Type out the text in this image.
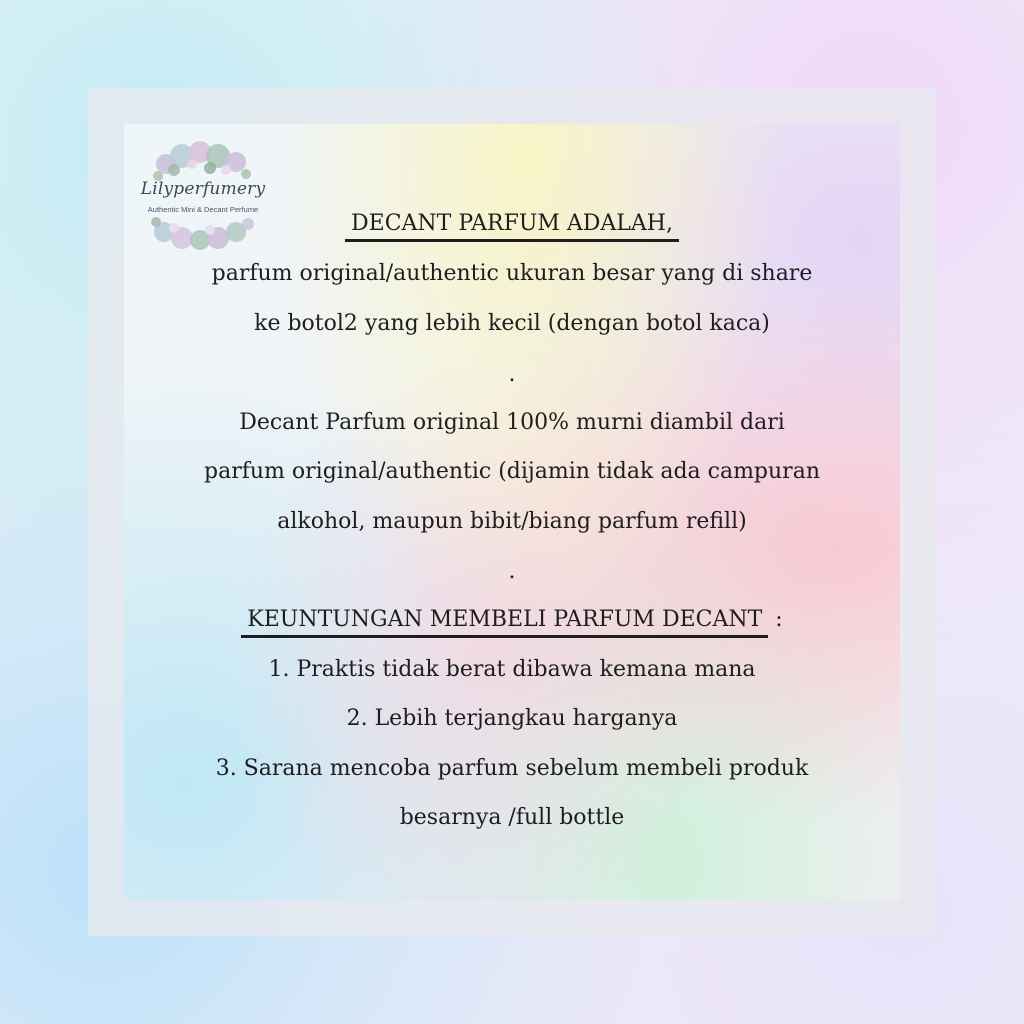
Lilyperfumery
Authentic Mini & Decant Perfume
DECANT PARFUM ADALAH,
parfum original/authentic ukuran besar yang di share
ke botol2 yang lebih kecil (dengan botol kaca)
.
Decant Parfum original 100% murni diambil dari
parfum original/authentic (dijamin tidak ada campuran
alkohol, maupun bibit/biang parfum refill)
.
KEUNTUNGAN MEMBELI PARFUM DECANT :
1. Praktis tidak berat dibawa kemana mana
2. Lebih terjangkau harganya
3. Sarana mencoba parfum sebelum membeli produk
besarnya /full bottle
